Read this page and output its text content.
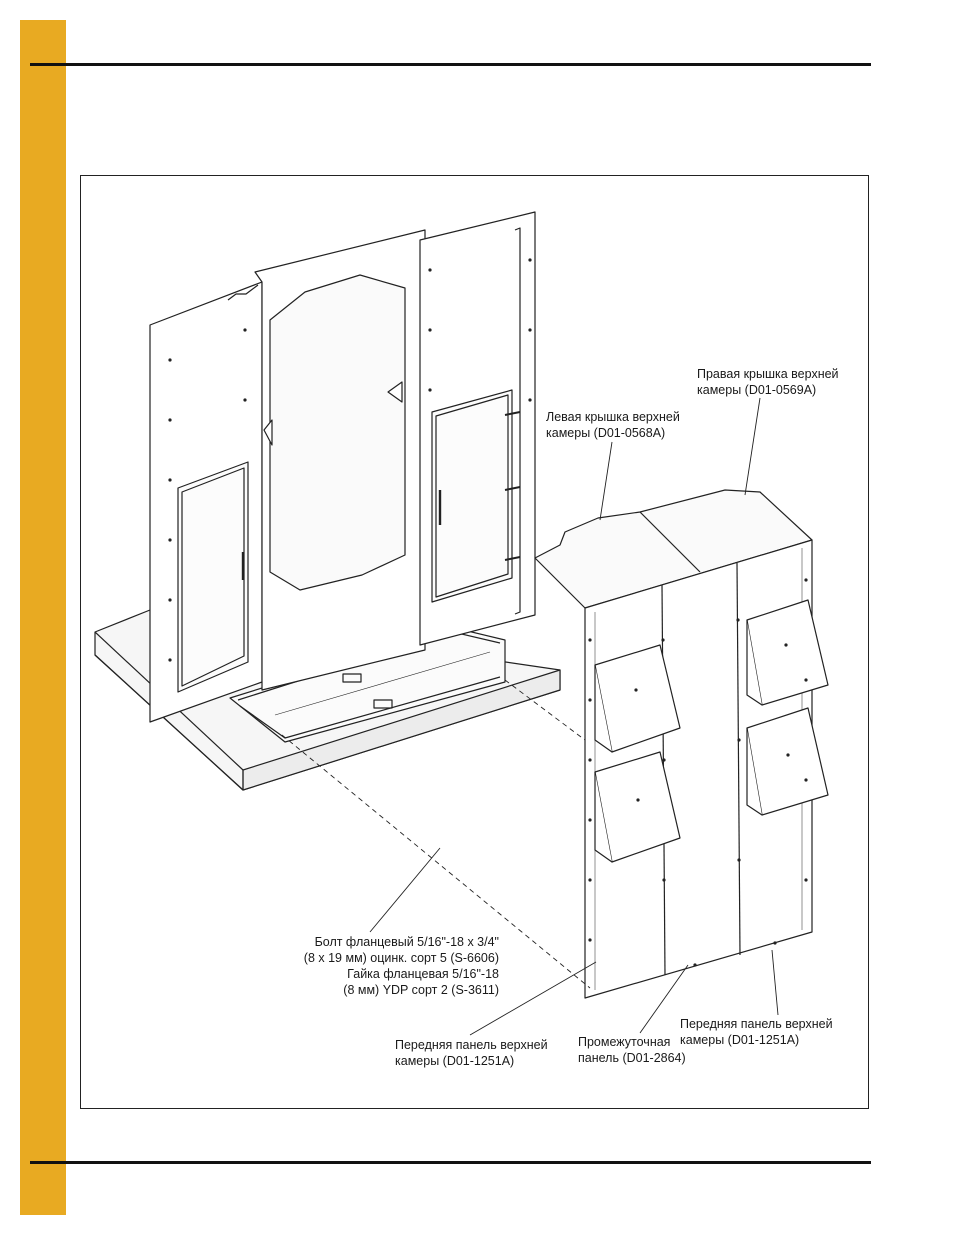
Правая крышка верхней
камеры (D01-0569A)
Левая крышка верхней
камеры (D01-0568A)
Болт фланцевый 5/16"-18 x 3/4"
(8 x 19 мм) оцинк. сорт 5 (S-6606)
Гайка фланцевая 5/16"-18
(8 мм) YDP сорт 2 (S-3611)
Передняя панель верхней
камеры (D01-1251A)
Промежуточная
панель (D01-2864)
Передняя панель верхней
камеры (D01-1251A)
